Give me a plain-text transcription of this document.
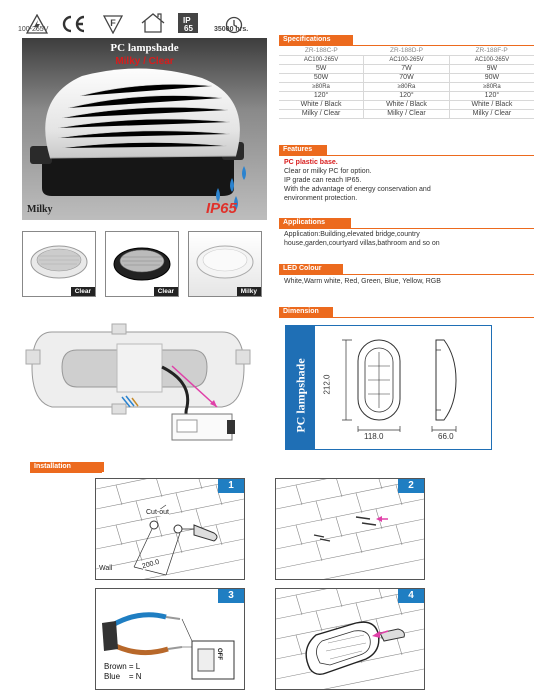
100-265V
F	IP
65	35000 hrs.
PC lampshade
Milky / Clear
Milky	IP65
Clear	Clear	Milky
Specifications
ZR-188C-P	ZR-188D-P	ZR-188F-P
AC100-265V	AC100-265V	AC100-265V
5W	7W	9W
50W	70W	90W
≥80Ra	≥80Ra	≥80Ra
120°	120°	120°
White / Black	White / Black	White / Black
Milky / Clear	Milky / Clear	Milky / Clear
Features
PC plastic base.
Clear or milky PC for option.
IP grade can reach IP65.
With the advantage of energy conservation and
environment protection.
Applications
Application:Building,elevated bridge,country
house,garden,courtyard villas,bathroom and so on
LED Colour
White,Warm white, Red, Green, Blue, Yellow, RGB
Dimension
PC lampshade 212.0
118.0	66.0
Installation
1
Cut-out
Wall	200.0
2
3
Brown = L
Blue    = N
OFF
4
